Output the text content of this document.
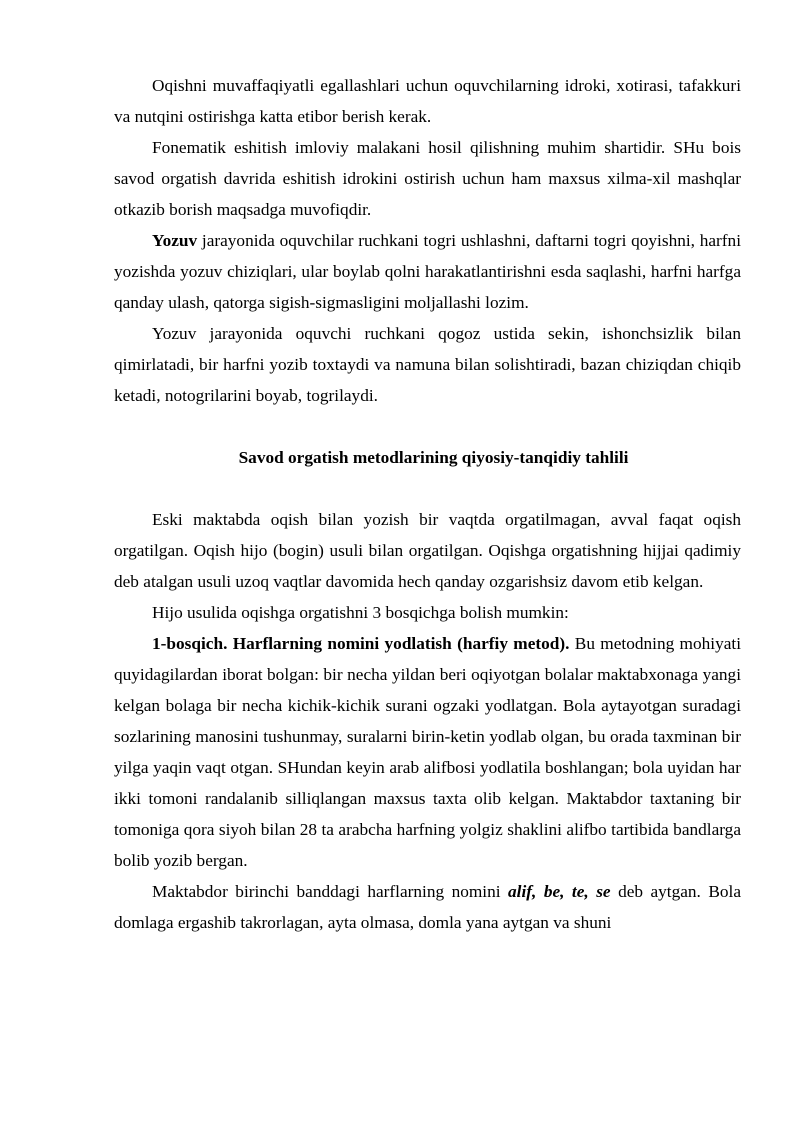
Oqishni muvaffaqiyatli egallashlari uchun oquvchilarning idroki, xotirasi, tafakkuri va nutqini ostirishga katta etibor berish kerak.

Fonematik eshitish imloviy malakani hosil qilishning muhim shartidir. SHu bois savod orgatish davrida eshitish idrokini ostirish uchun ham maxsus xilma-xil mashqlar otkazib borish maqsadga muvofiqdir.

Yozuv jarayonida oquvchilar ruchkani togri ushlashni, daftarni togri qoyishni, harfni yozishda yozuv chiziqlari, ular boylab qolni harakatlantirishni esda saqlashi, harfni harfga qanday ulash, qatorga sigish-sigmasligini moljallashi lozim.

Yozuv jarayonida oquvchi ruchkani qogoz ustida sekin, ishonchsizlik bilan qimirlatadi, bir harfni yozib toxtaydi va namuna bilan solishtiradi, bazan chiziqdan chiqib ketadi, notogrilarini boyab, togrilaydi.

Savod orgatish metodlarining qiyosiy-tanqidiy tahlili

Eski maktabda oqish bilan yozish bir vaqtda orgatilmagan, avval faqat oqish orgatilgan. Oqish hijo (bogin) usuli bilan orgatilgan. Oqishga orgatishning hijjai qadimiy deb atalgan usuli uzoq vaqtlar davomida hech qanday ozgarishsiz davom etib kelgan.

Hijo usulida oqishga orgatishni 3 bosqichga bolish mumkin:

1-bosqich. Harflarning nomini yodlatish (harfiy metod). Bu metodning mohiyati quyidagilardan iborat bolgan: bir necha yildan beri oqiyotgan bolalar maktabxonaga yangi kelgan bolaga bir necha kichik-kichik surani ogzaki yodlatgan. Bola aytayotgan suradagi sozlarining manosini tushunmay, suralarni birin-ketin yodlab olgan, bu orada taxminan bir yilga yaqin vaqt otgan. SHundan keyin arab alifbosi yodlatila boshlangan; bola uyidan har ikki tomoni randalanib silliqlangan maxsus taxta olib kelgan. Maktabdor taxtaning bir tomoniga qora siyoh bilan 28 ta arabcha harfning yolgiz shaklini alifbo tartibida bandlarga bolib yozib bergan.

Maktabdor birinchi banddagi harflarning nomini alif, be, te, se deb aytgan. Bola domlaga ergashib takrorlagan, ayta olmasa, domla yana aytgan va shuni
